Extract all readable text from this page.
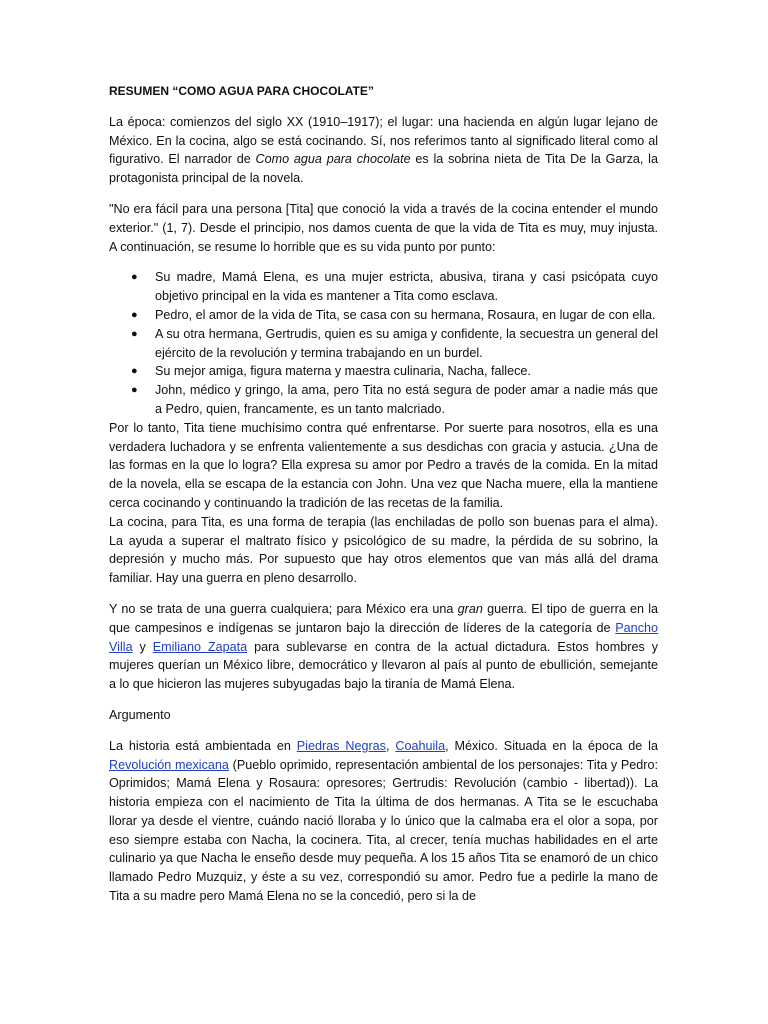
RESUMEN “COMO AGUA PARA CHOCOLATE”

La época: comienzos del siglo XX (1910–1917); el lugar: una hacienda en algún lugar lejano de México. En la cocina, algo se está cocinando. Sí, nos referimos tanto al significado literal como al figurativo. El narrador de Como agua para chocolate es la sobrina nieta de Tita De la Garza, la protagonista principal de la novela.

"No era fácil para una persona [Tita] que conoció la vida a través de la cocina entender el mundo exterior." (1, 7). Desde el principio, nos damos cuenta de que la vida de Tita es muy, muy injusta. A continuación, se resume lo horrible que es su vida punto por punto:

● Su madre, Mamá Elena, es una mujer estricta, abusiva, tirana y casi psicópata cuyo objetivo principal en la vida es mantener a Tita como esclava.
● Pedro, el amor de la vida de Tita, se casa con su hermana, Rosaura, en lugar de con ella.
● A su otra hermana, Gertrudis, quien es su amiga y confidente, la secuestra un general del ejército de la revolución y termina trabajando en un burdel.
● Su mejor amiga, figura materna y maestra culinaria, Nacha, fallece.
● John, médico y gringo, la ama, pero Tita no está segura de poder amar a nadie más que a Pedro, quien, francamente, es un tanto malcriado.

Por lo tanto, Tita tiene muchísimo contra qué enfrentarse. Por suerte para nosotros, ella es una verdadera luchadora y se enfrenta valientemente a sus desdichas con gracia y astucia. ¿Una de las formas en la que lo logra? Ella expresa su amor por Pedro a través de la comida. En la mitad de la novela, ella se escapa de la estancia con John. Una vez que Nacha muere, ella la mantiene cerca cocinando y continuando la tradición de las recetas de la familia.

La cocina, para Tita, es una forma de terapia (las enchiladas de pollo son buenas para el alma). La ayuda a superar el maltrato físico y psicológico de su madre, la pérdida de su sobrino, la depresión y mucho más. Por supuesto que hay otros elementos que van más allá del drama familiar. Hay una guerra en pleno desarrollo.

Y no se trata de una guerra cualquiera; para México era una gran guerra. El tipo de guerra en la que campesinos e indígenas se juntaron bajo la dirección de líderes de la categoría de Pancho Villa y Emiliano Zapata para sublevarse en contra de la actual dictadura. Estos hombres y mujeres querían un México libre, democrático y llevaron al país al punto de ebullición, semejante a lo que hicieron las mujeres subyugadas bajo la tiranía de Mamá Elena.

Argumento

La historia está ambientada en Piedras Negras, Coahuila, México. Situada en la época de la Revolución mexicana (Pueblo oprimido, representación ambiental de los personajes: Tita y Pedro: Oprimidos; Mamá Elena y Rosaura: opresores; Gertrudis: Revolución (cambio - libertad)). La historia empieza con el nacimiento de Tita la última de dos hermanas. A Tita se le escuchaba llorar ya desde el vientre, cuándo nació lloraba y lo único que la calmaba era el olor a sopa, por eso siempre estaba con Nacha, la cocinera. Tita, al crecer, tenía muchas habilidades en el arte culinario ya que Nacha le enseño desde muy pequeña. A los 15 años Tita se enamoró de un chico llamado Pedro Muzquiz, y éste a su vez, correspondió su amor. Pedro fue a pedirle la mano de Tita a su madre pero Mamá Elena no se la concedió, pero si la de
